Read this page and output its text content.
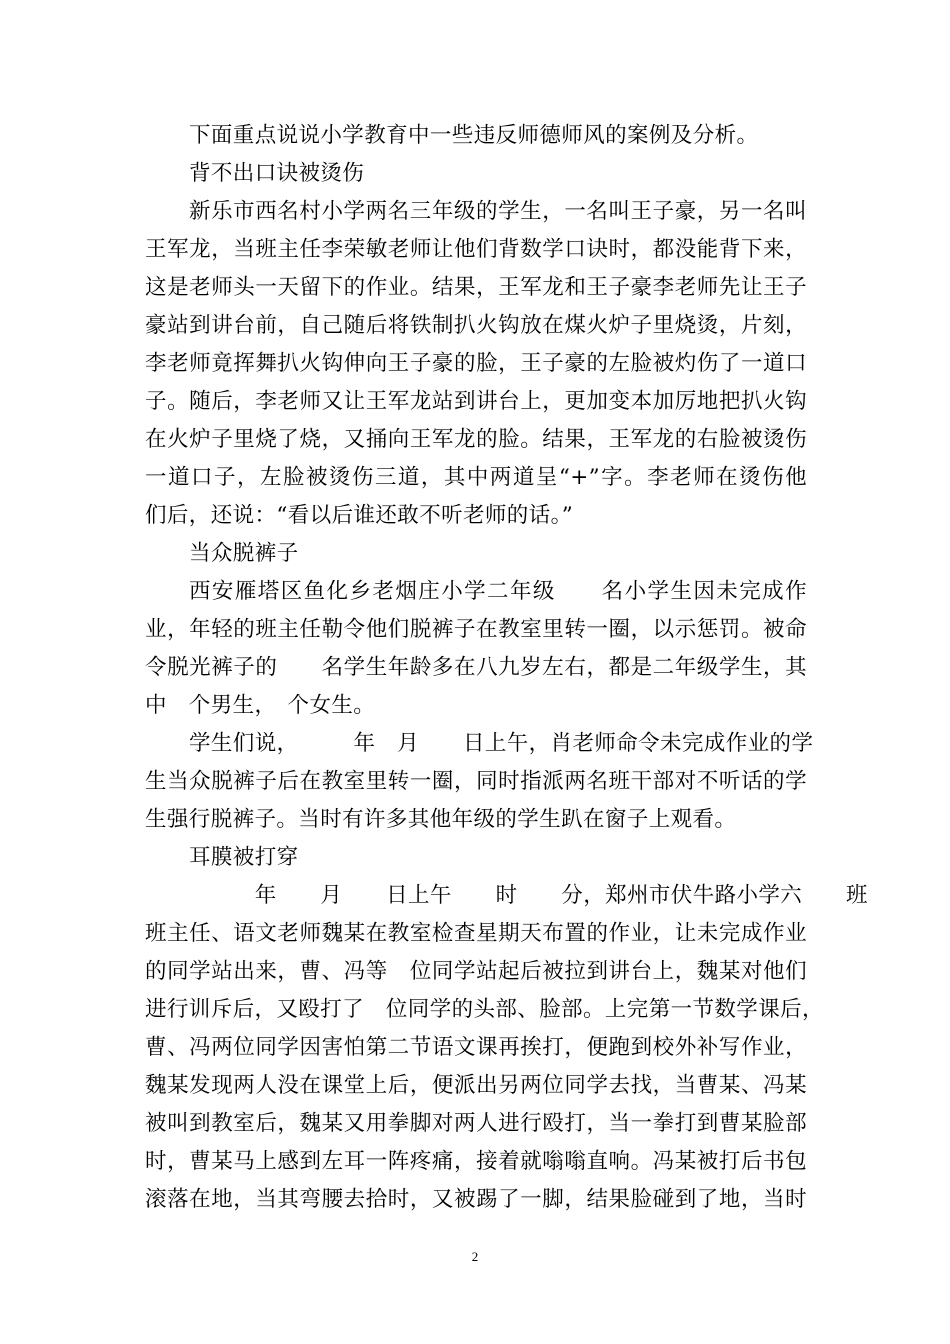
下面重点说说小学教育中一些违反师德师风的案例及分析。
背不出口诀被烫伤
新乐市西名村小学两名三年级的学生，一名叫王子豪，另一名叫
王军龙，当班主任李荣敏老师让他们背数学口诀时，都没能背下来，
这是老师头一天留下的作业。结果，王军龙和王子豪李老师先让王子
豪站到讲台前，自己随后将铁制扒火钩放在煤火炉子里烧烫，片刻，
李老师竟挥舞扒火钩伸向王子豪的脸，王子豪的左脸被灼伤了一道口
子。随后，李老师又让王军龙站到讲台上，更加变本加厉地把扒火钩
在火炉子里烧了烧，又捅向王军龙的脸。结果，王军龙的右脸被烫伤
一道口子，左脸被烫伤三道，其中两道呈“+”字。李老师在烫伤他
们后，还说：“看以后谁还敢不听老师的话。”
当众脱裤子
西安雁塔区鱼化乡老烟庄小学二年级　　名小学生因未完成作
业，年轻的班主任勒令他们脱裤子在教室里转一圈，以示惩罚。被命
令脱光裤子的　　名学生年龄多在八九岁左右，都是二年级学生，其
中　个男生，　个女生。
学生们说，　　　年　月　　日上午，肖老师命令未完成作业的学
生当众脱裤子后在教室里转一圈，同时指派两名班干部对不听话的学
生强行脱裤子。当时有许多其他年级的学生趴在窗子上观看。
耳膜被打穿
　　　年　　月　　日上午　　时　　分，郑州市伏牛路小学六　　班
班主任、语文老师魏某在教室检查星期天布置的作业，让未完成作业
的同学站出来，曹、冯等　位同学站起后被拉到讲台上，魏某对他们
进行训斥后，又殴打了　位同学的头部、脸部。上完第一节数学课后，
曹、冯两位同学因害怕第二节语文课再挨打，便跑到校外补写作业，
魏某发现两人没在课堂上后，便派出另两位同学去找，当曹某、冯某
被叫到教室后，魏某又用拳脚对两人进行殴打，当一拳打到曹某脸部
时，曹某马上感到左耳一阵疼痛，接着就嗡嗡直响。冯某被打后书包
滚落在地，当其弯腰去拾时，又被踢了一脚，结果脸碰到了地，当时
2
